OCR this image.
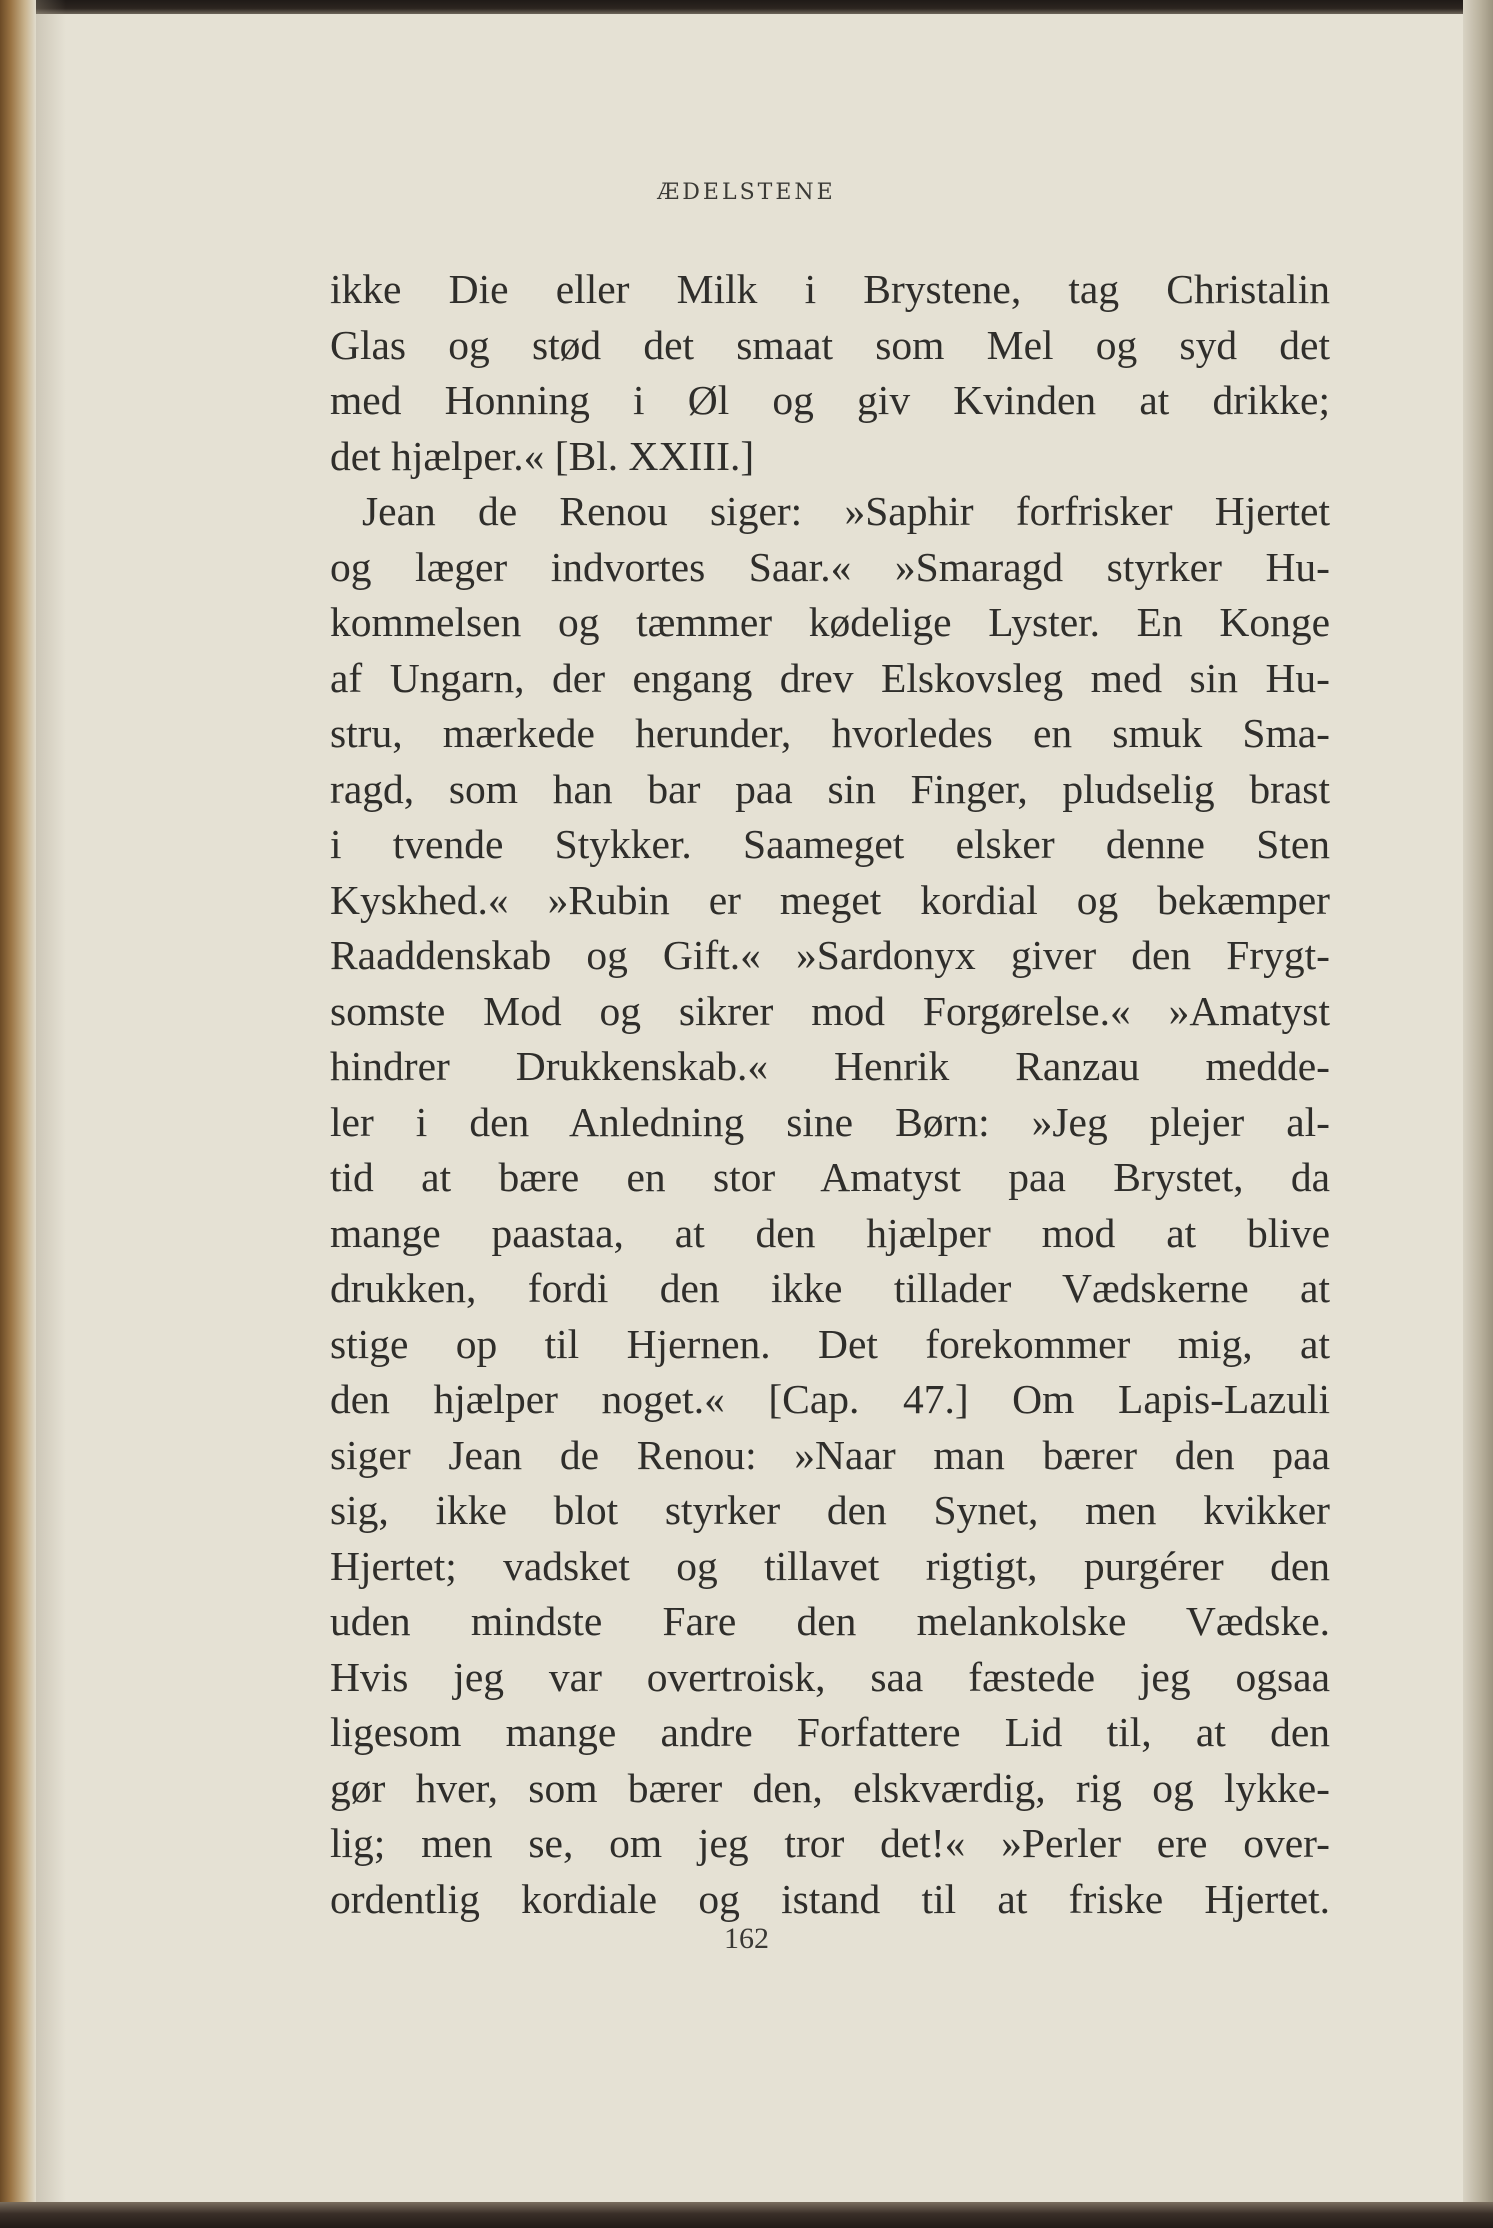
ÆDELSTENE
ikke Die eller Milk i Brystene, tag Christalin
Glas og stød det smaat som Mel og syd det
med Honning i Øl og giv Kvinden at drikke;
det hjælper.« [Bl. XXIII.]
Jean de Renou siger: »Saphir forfrisker Hjertet
og læger indvortes Saar.« »Smaragd styrker Hu-
kommelsen og tæmmer kødelige Lyster. En Konge
af Ungarn, der engang drev Elskovsleg med sin Hu-
stru, mærkede herunder, hvorledes en smuk Sma-
ragd, som han bar paa sin Finger, pludselig brast
i tvende Stykker. Saameget elsker denne Sten
Kyskhed.« »Rubin er meget kordial og bekæmper
Raaddenskab og Gift.« »Sardonyx giver den Frygt-
somste Mod og sikrer mod Forgørelse.« »Amatyst
hindrer Drukkenskab.« Henrik Ranzau medde-
ler i den Anledning sine Børn: »Jeg plejer al-
tid at bære en stor Amatyst paa Brystet, da
mange paastaa, at den hjælper mod at blive
drukken, fordi den ikke tillader Vædskerne at
stige op til Hjernen. Det forekommer mig, at
den hjælper noget.« [Cap. 47.] Om Lapis-Lazuli
siger Jean de Renou: »Naar man bærer den paa
sig, ikke blot styrker den Synet, men kvikker
Hjertet; vadsket og tillavet rigtigt, purgérer den
uden mindste Fare den melankolske Vædske.
Hvis jeg var overtroisk, saa fæstede jeg ogsaa
ligesom mange andre Forfattere Lid til, at den
gør hver, som bærer den, elskværdig, rig og lykke-
lig; men se, om jeg tror det!« »Perler ere over-
ordentlig kordiale og istand til at friske Hjertet.
162
